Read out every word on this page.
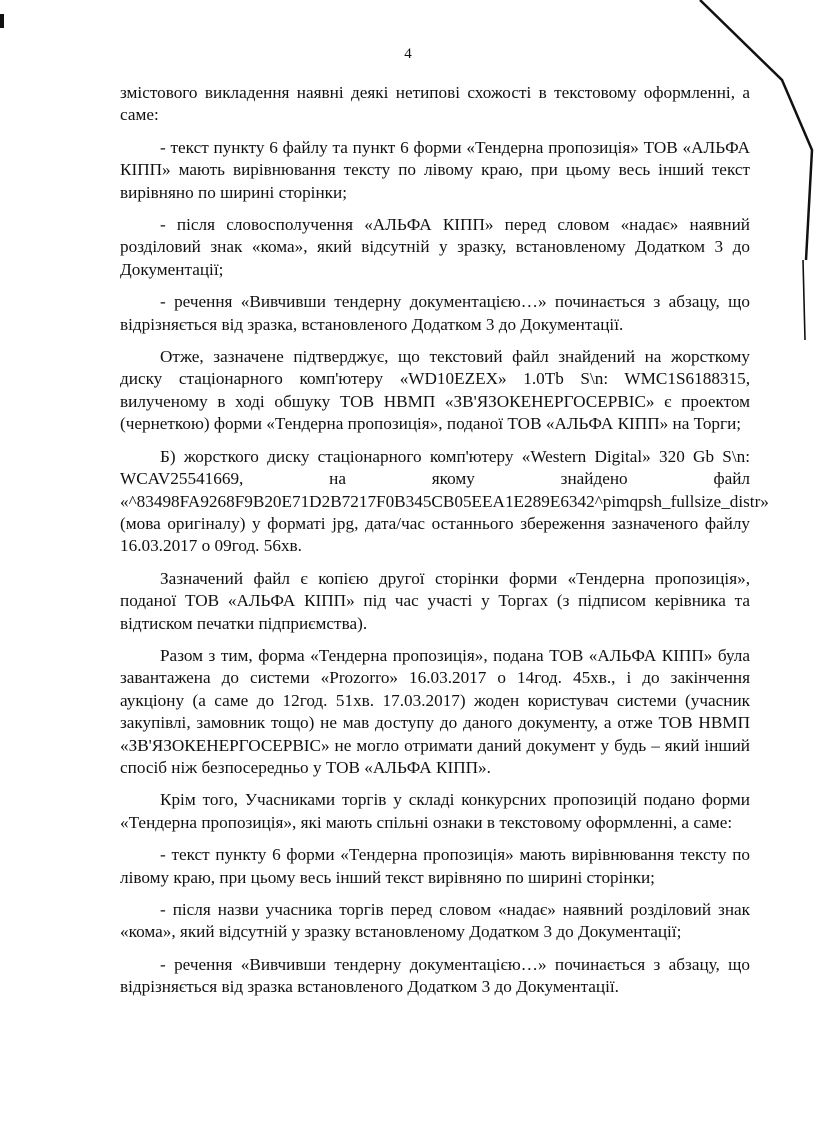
4

змістового викладення наявні деякі нетипові схожості в текстовому оформленні, а саме:

- текст пункту 6 файлу та пункт 6 форми «Тендерна пропозиція» ТОВ «АЛЬФА КІПП» мають вирівнювання тексту по лівому краю, при цьому весь інший текст вирівняно по ширині сторінки;

- після словосполучення «АЛЬФА КІПП» перед словом «надає» наявний розділовий знак «кома», який відсутній у зразку, встановленому Додатком 3 до Документації;

- речення «Вивчивши тендерну документацією…» починається з абзацу, що відрізняється від зразка, встановленого Додатком 3 до Документації.

Отже, зазначене підтверджує, що текстовий файл знайдений на жорсткому диску стаціонарного комп'ютеру «WD10EZEX» 1.0Tb S\n: WMC1S6188315, вилученому в ході обшуку ТОВ НВМП «ЗВ'ЯЗОКЕНЕРГОСЕРВІС» є проектом (чернеткою) форми «Тендерна пропозиція», поданої ТОВ «АЛЬФА КІПП» на Торги;

Б) жорсткого диску стаціонарного комп'ютеру «Western Digital» 320 Gb S\n: WCAV25541669, на якому знайдено файл «^83498FA9268F9B20E71D2B7217F0B345CB05EEA1E289E6342^pimqpsh_fullsize_distr» (мова оригіналу) у форматі jpg, дата/час останнього збереження зазначеного файлу 16.03.2017 о 09год. 56хв.

Зазначений файл є копією другої сторінки форми «Тендерна пропозиція», поданої ТОВ «АЛЬФА КІПП» під час участі у Торгах (з підписом керівника та відтиском печатки підприємства).

Разом з тим, форма «Тендерна пропозиція», подана ТОВ «АЛЬФА КІПП» була завантажена до системи «Prozorro» 16.03.2017 о 14год. 45хв., і до закінчення аукціону (а саме до 12год. 51хв. 17.03.2017) жоден користувач системи (учасник закупівлі, замовник тощо) не мав доступу до даного документу, а отже ТОВ НВМП «ЗВ'ЯЗОКЕНЕРГОСЕРВІС» не могло отримати даний документ у будь – який інший спосіб ніж безпосередньо у ТОВ «АЛЬФА КІПП».

Крім того, Учасниками торгів у складі конкурсних пропозицій подано форми «Тендерна пропозиція», які мають спільні ознаки в текстовому оформленні, а саме:

- текст пункту 6 форми «Тендерна пропозиція» мають вирівнювання тексту по лівому краю, при цьому весь інший текст вирівняно по ширині сторінки;

- після назви учасника торгів перед словом «надає» наявний розділовий знак «кома», який відсутній у зразку встановленому Додатком 3 до Документації;

- речення «Вивчивши тендерну документацією…» починається з абзацу, що відрізняється від зразка встановленого Додатком 3 до Документації.
